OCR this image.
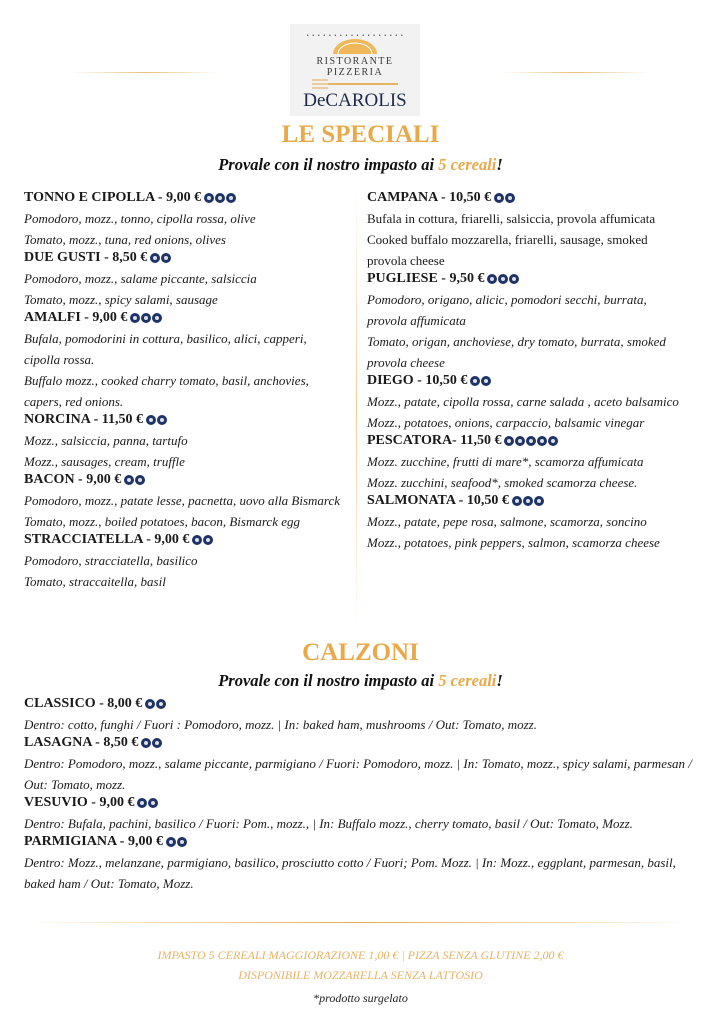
• • • • • • • • • • • • • • • • • •
RISTORANTE
PIZZERIA
DeCAROLIS
LE SPECIALI
Provale con il nostro impasto ai 5 cereali!
TONNO E CIPOLLA - 9,00 €
Pomodoro, mozz., tonno, cipolla rossa, olive
Tomato, mozz., tuna, red onions, olives
DUE GUSTI - 8,50 €
Pomodoro, mozz., salame piccante, salsiccia
Tomato, mozz., spicy salami, sausage
AMALFI - 9,00 €
Bufala, pomodorini in cottura, basilico, alici, capperi, cipolla rossa.
Buffalo mozz., cooked charry tomato, basil, anchovies, capers, red onions.
NORCINA - 11,50 €
Mozz., salsiccia, panna, tartufo
Mozz., sausages, cream, truffle
BACON - 9,00 €
Pomodoro, mozz., patate lesse, pacnetta, uovo alla Bismarck
Tomato, mozz., boiled potatoes, bacon, Bismarck egg
STRACCIATELLA - 9,00 €
Pomodoro, stracciatella, basilico
Tomato, straccaitella, basil
CAMPANA - 10,50 €
Bufala in cottura, friarelli, salsiccia, provola affumicata
Cooked buffalo mozzarella, friarelli, sausage, smoked provola cheese
PUGLIESE - 9,50 €
Pomodoro, origano, alicic, pomodori secchi, burrata, provola affumicata
Tomato, origan, anchoviese, dry tomato, burrata, smoked provola cheese
DIEGO - 10,50 €
Mozz., patate, cipolla rossa, carne salada , aceto balsamico
Mozz., potatoes, onions, carpaccio, balsamic vinegar
PESCATORA- 11,50 €
Mozz. zucchine, frutti di mare*, scamorza affumicata
Mozz. zucchini, seafood*, smoked scamorza cheese.
SALMONATA - 10,50 €
Mozz., patate, pepe rosa, salmone, scamorza, soncino
Mozz., potatoes, pink peppers, salmon, scamorza cheese
CALZONI
Provale con il nostro impasto ai 5 cereali!
CLASSICO - 8,00 €
Dentro: cotto, funghi / Fuori : Pomodoro, mozz. | In: baked ham, mushrooms / Out: Tomato, mozz.
LASAGNA - 8,50 €
Dentro: Pomodoro, mozz., salame piccante, parmigiano / Fuori: Pomodoro, mozz. | In: Tomato, mozz., spicy salami, parmesan / Out: Tomato, mozz.
VESUVIO - 9,00 €
Dentro: Bufala, pachini, basilico / Fuori: Pom., mozz., | In: Buffalo mozz., cherry tomato, basil / Out: Tomato, Mozz.
PARMIGIANA - 9,00 €
Dentro: Mozz., melanzane, parmigiano, basilico, prosciutto cotto / Fuori; Pom. Mozz. | In: Mozz., eggplant, parmesan, basil, baked ham / Out: Tomato, Mozz.
IMPASTO 5 CEREALI MAGGIORAZIONE 1,00 € | PIZZA SENZA GLUTINE 2,00 €
DISPONIBILE MOZZARELLA SENZA LATTOSIO
*prodotto surgelato
